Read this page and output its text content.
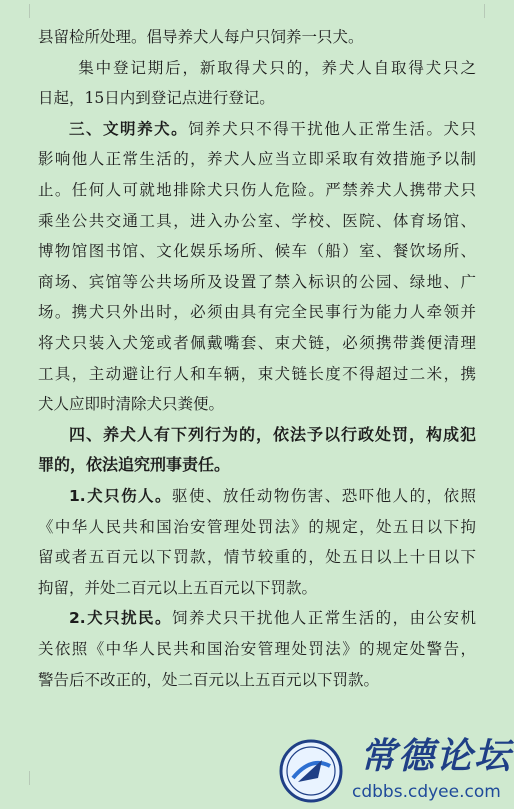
县留检所处理。倡导养犬人每户只饲养一只犬。
集中登记期后，新取得犬只的，养犬人自取得犬只之
日起，15日内到登记点进行登记。
三、文明养犬。饲养犬只不得干扰他人正常生活。犬只
影响他人正常生活的，养犬人应当立即采取有效措施予以制
止。任何人可就地排除犬只伤人危险。严禁养犬人携带犬只
乘坐公共交通工具，进入办公室、学校、医院、体育场馆、
博物馆图书馆、文化娱乐场所、候车（船）室、餐饮场所、
商场、宾馆等公共场所及设置了禁入标识的公园、绿地、广
场。携犬只外出时，必须由具有完全民事行为能力人牵领并
将犬只装入犬笼或者佩戴嘴套、束犬链，必须携带粪便清理
工具，主动避让行人和车辆，束犬链长度不得超过二米，携
犬人应即时清除犬只粪便。
四、养犬人有下列行为的，依法予以行政处罚，构成犯
罪的，依法追究刑事责任。
1.犬只伤人。驱使、放任动物伤害、恐吓他人的，依照
《中华人民共和国治安管理处罚法》的规定，处五日以下拘
留或者五百元以下罚款，情节较重的，处五日以上十日以下
拘留，并处二百元以上五百元以下罚款。
2.犬只扰民。饲养犬只干扰他人正常生活的，由公安机
关依照《中华人民共和国治安管理处罚法》的规定处警告，
警告后不改正的，处二百元以上五百元以下罚款。
常德论坛
cdbbs.cdyee.com
